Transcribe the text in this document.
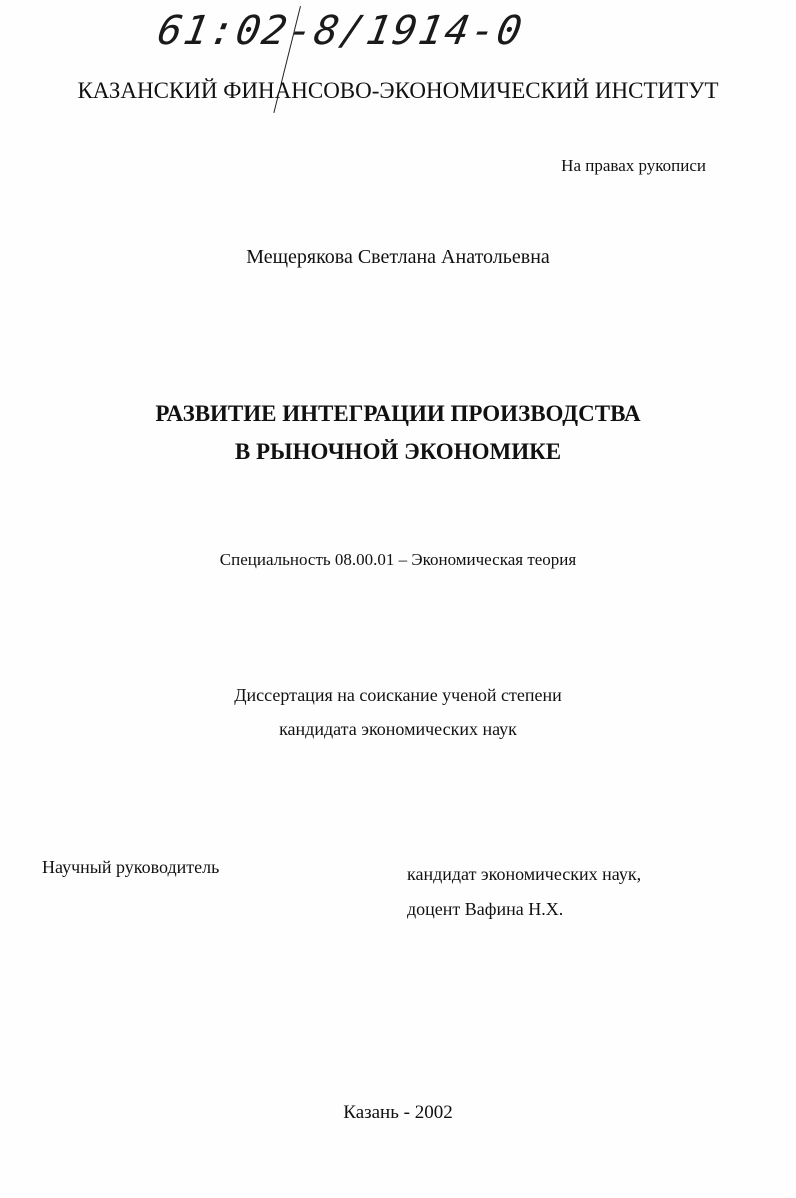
61:02-8/1914-0
КАЗАНСКИЙ ФИНАНСОВО-ЭКОНОМИЧЕСКИЙ ИНСТИТУТ
На правах рукописи
Мещерякова Светлана Анатольевна
РАЗВИТИЕ ИНТЕГРАЦИИ ПРОИЗВОДСТВА
В РЫНОЧНОЙ ЭКОНОМИКЕ
Специальность 08.00.01 – Экономическая теория
Диссертация на соискание ученой степени
кандидата экономических наук
Научный руководитель	кандидат экономических наук,
доцент Вафина Н.Х.
Казань - 2002
